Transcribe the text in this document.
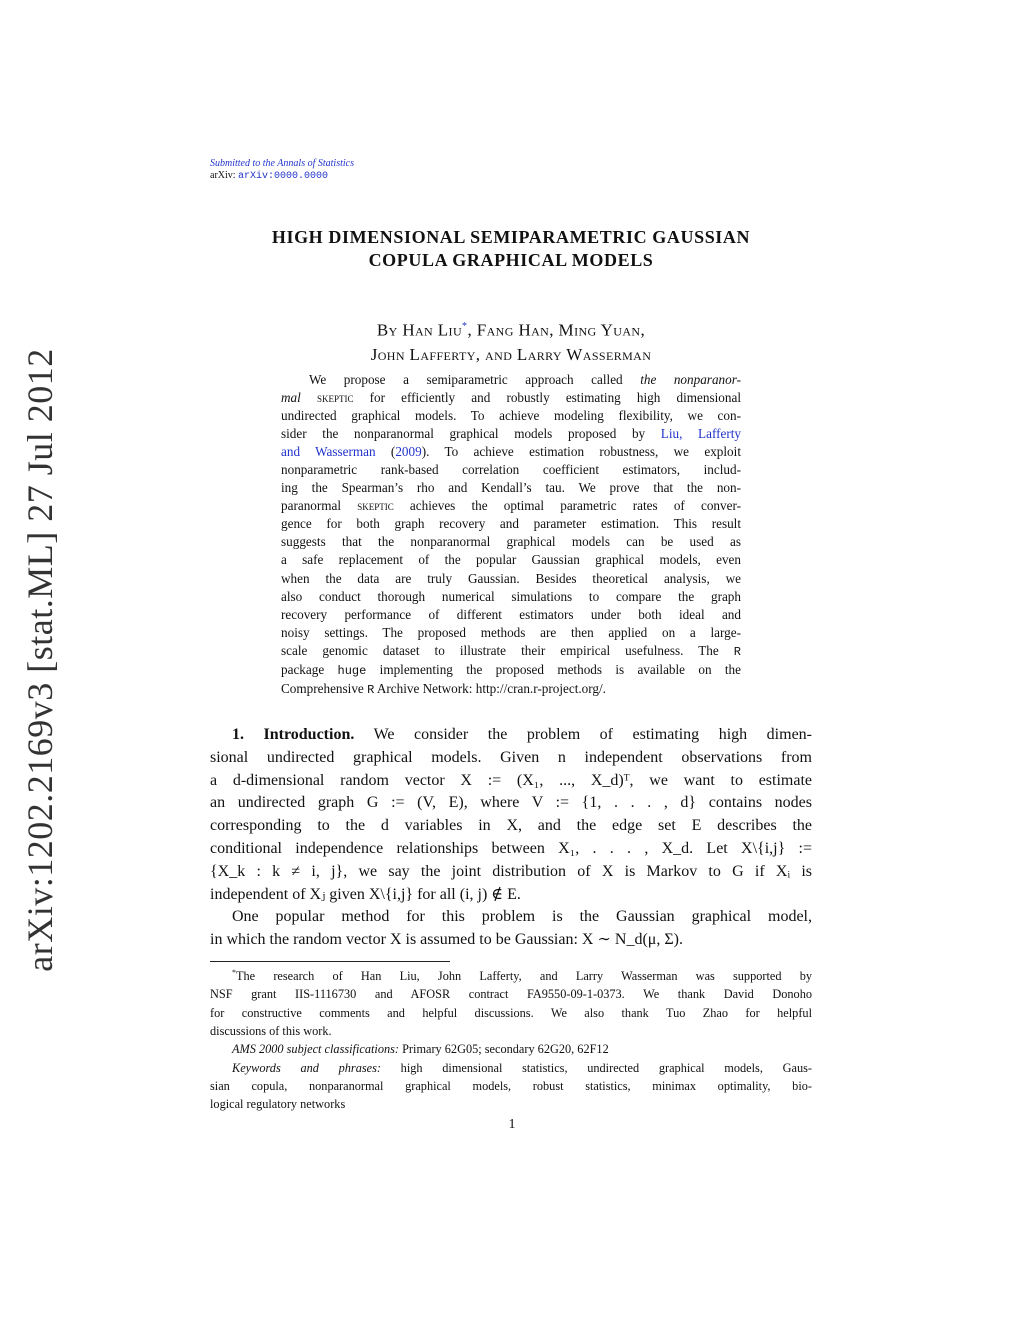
arXiv:1202.2169v3 [stat.ML] 27 Jul 2012
Submitted to the Annals of Statistics
arXiv: arXiv:0000.0000
HIGH DIMENSIONAL SEMIPARAMETRIC GAUSSIAN
COPULA GRAPHICAL MODELS
By Han Liu*, Fang Han, Ming Yuan,
John Lafferty, and Larry Wasserman
We propose a semiparametric approach called the nonparanor-
mal skeptic for efficiently and robustly estimating high dimensional
undirected graphical models. To achieve modeling flexibility, we con-
sider the nonparanormal graphical models proposed by Liu, Lafferty
and Wasserman (2009). To achieve estimation robustness, we exploit
nonparametric rank-based correlation coefficient estimators, includ-
ing the Spearman’s rho and Kendall’s tau. We prove that the non-
paranormal skeptic achieves the optimal parametric rates of conver-
gence for both graph recovery and parameter estimation. This result
suggests that the nonparanormal graphical models can be used as
a safe replacement of the popular Gaussian graphical models, even
when the data are truly Gaussian. Besides theoretical analysis, we
also conduct thorough numerical simulations to compare the graph
recovery performance of different estimators under both ideal and
noisy settings. The proposed methods are then applied on a large-
scale genomic dataset to illustrate their empirical usefulness. The R
package huge implementing the proposed methods is available on the
Comprehensive R Archive Network: http://cran.r-project.org/.
1. Introduction. We consider the problem of estimating high dimen-
sional undirected graphical models. Given n independent observations from
a d-dimensional random vector X := (X₁, ..., X_d)ᵀ, we want to estimate
an undirected graph G := (V, E), where V := {1, . . . , d} contains nodes
corresponding to the d variables in X, and the edge set E describes the
conditional independence relationships between X₁, . . . , X_d. Let X\{i,j} :=
{X_k : k ≠ i, j}, we say the joint distribution of X is Markov to G if Xᵢ is
independent of Xⱼ given X\{i,j} for all (i, j) ∉ E.
One popular method for this problem is the Gaussian graphical model,
in which the random vector X is assumed to be Gaussian: X ∼ N_d(μ, Σ).
*The research of Han Liu, John Lafferty, and Larry Wasserman was supported by
NSF grant IIS-1116730 and AFOSR contract FA9550-09-1-0373. We thank David Donoho
for constructive comments and helpful discussions. We also thank Tuo Zhao for helpful
discussions of this work.
AMS 2000 subject classifications: Primary 62G05; secondary 62G20, 62F12
Keywords and phrases: high dimensional statistics, undirected graphical models, Gaus-
sian copula, nonparanormal graphical models, robust statistics, minimax optimality, bio-
logical regulatory networks
1
